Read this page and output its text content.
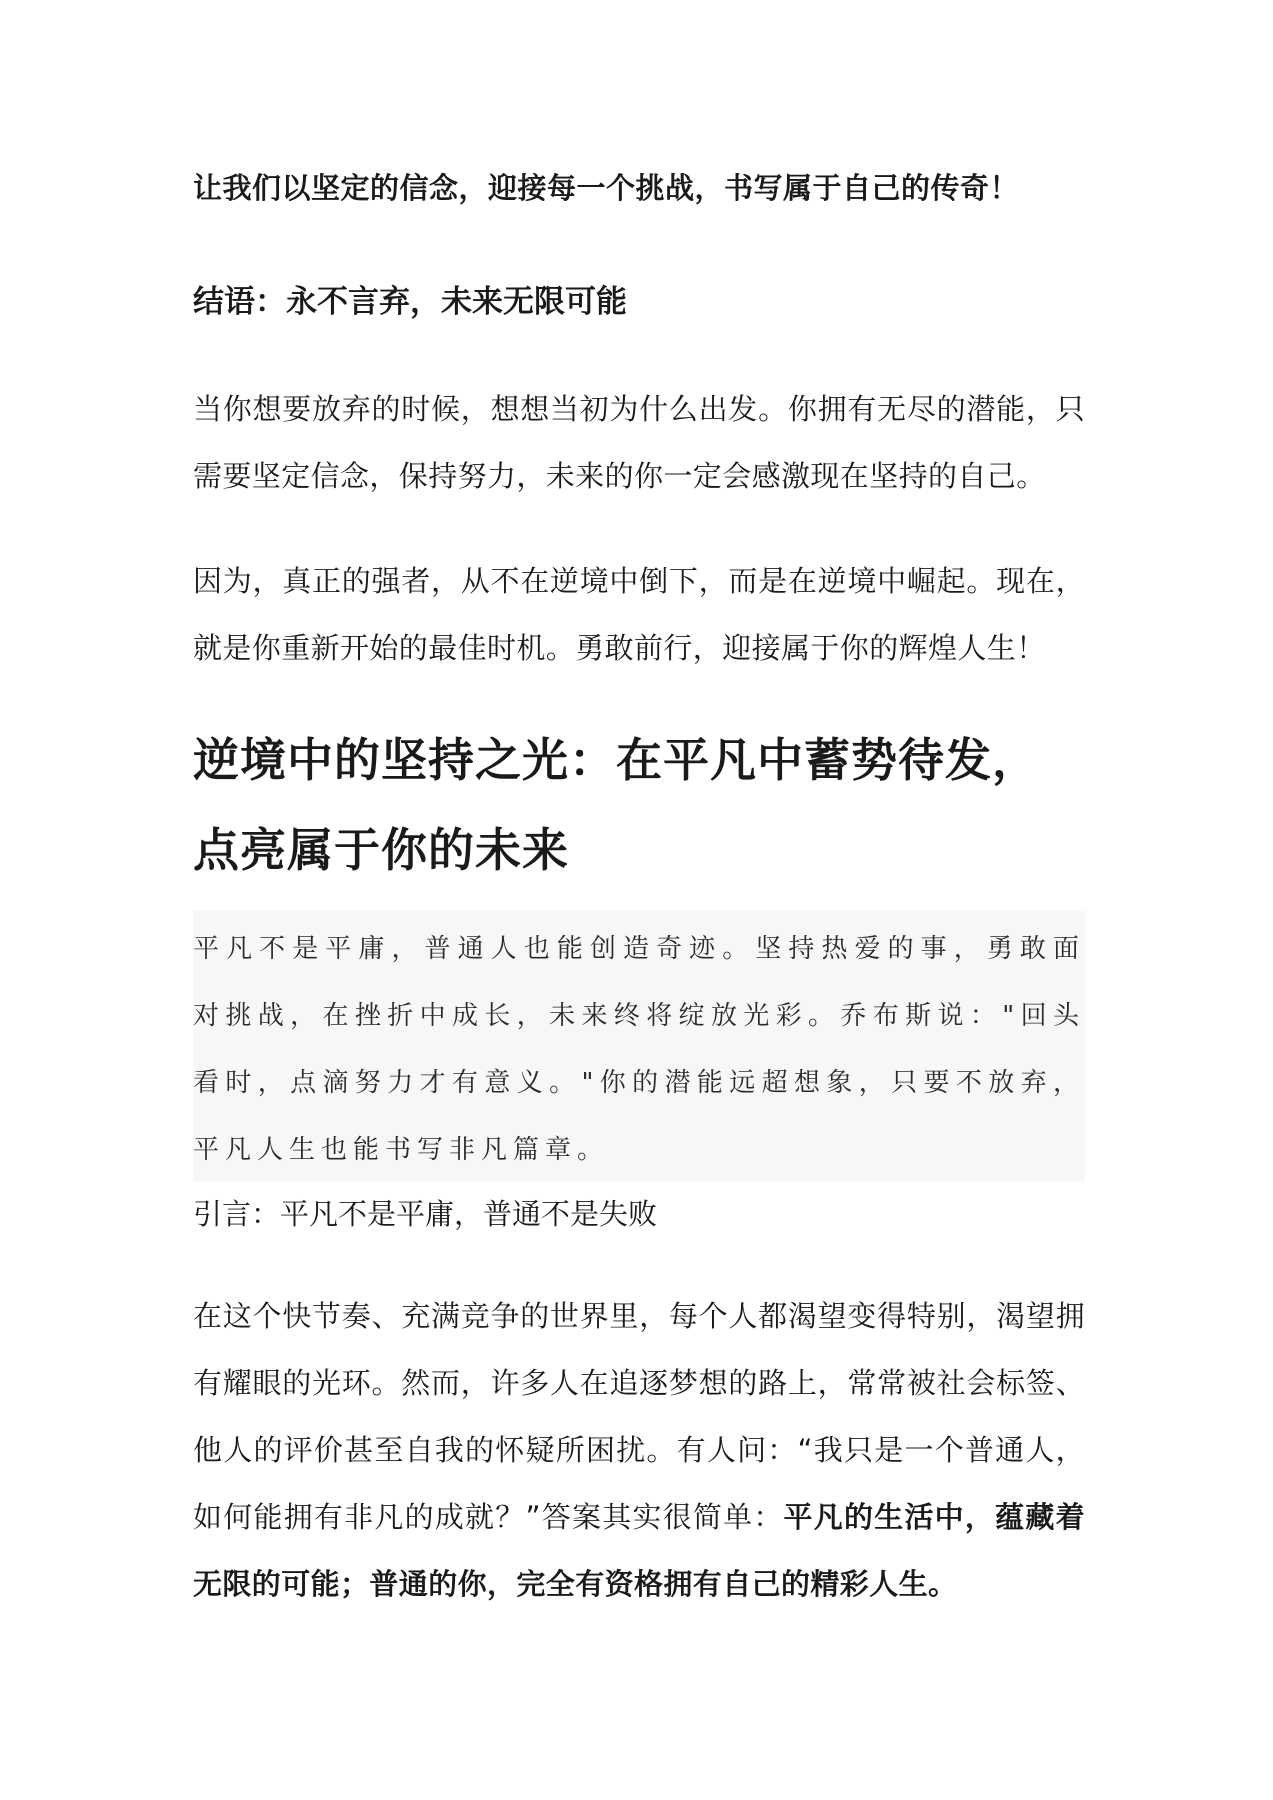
让我们以坚定的信念，迎接每一个挑战，书写属于自己的传奇！
结语：永不言弃，未来无限可能
当你想要放弃的时候，想想当初为什么出发。你拥有无尽的潜能，只需要坚定信念，保持努力，未来的你一定会感激现在坚持的自己。
因为，真正的强者，从不在逆境中倒下，而是在逆境中崛起。现在，就是你重新开始的最佳时机。勇敢前行，迎接属于你的辉煌人生！
逆境中的坚持之光：在平凡中蓄势待发，点亮属于你的未来
平凡不是平庸，普通人也能创造奇迹。坚持热爱的事，勇敢面对挑战，在挫折中成长，未来终将绽放光彩。乔布斯说："回头看时，点滴努力才有意义。"你的潜能远超想象，只要不放弃，平凡人生也能书写非凡篇章。
引言：平凡不是平庸，普通不是失败
在这个快节奏、充满竞争的世界里，每个人都渴望变得特别，渴望拥有耀眼的光环。然而，许多人在追逐梦想的路上，常常被社会标签、他人的评价甚至自我的怀疑所困扰。有人问：“我只是一个普通人，如何能拥有非凡的成就？”答案其实很简单：平凡的生活中，蕴藏着无限的可能；普通的你，完全有资格拥有自己的精彩人生。
